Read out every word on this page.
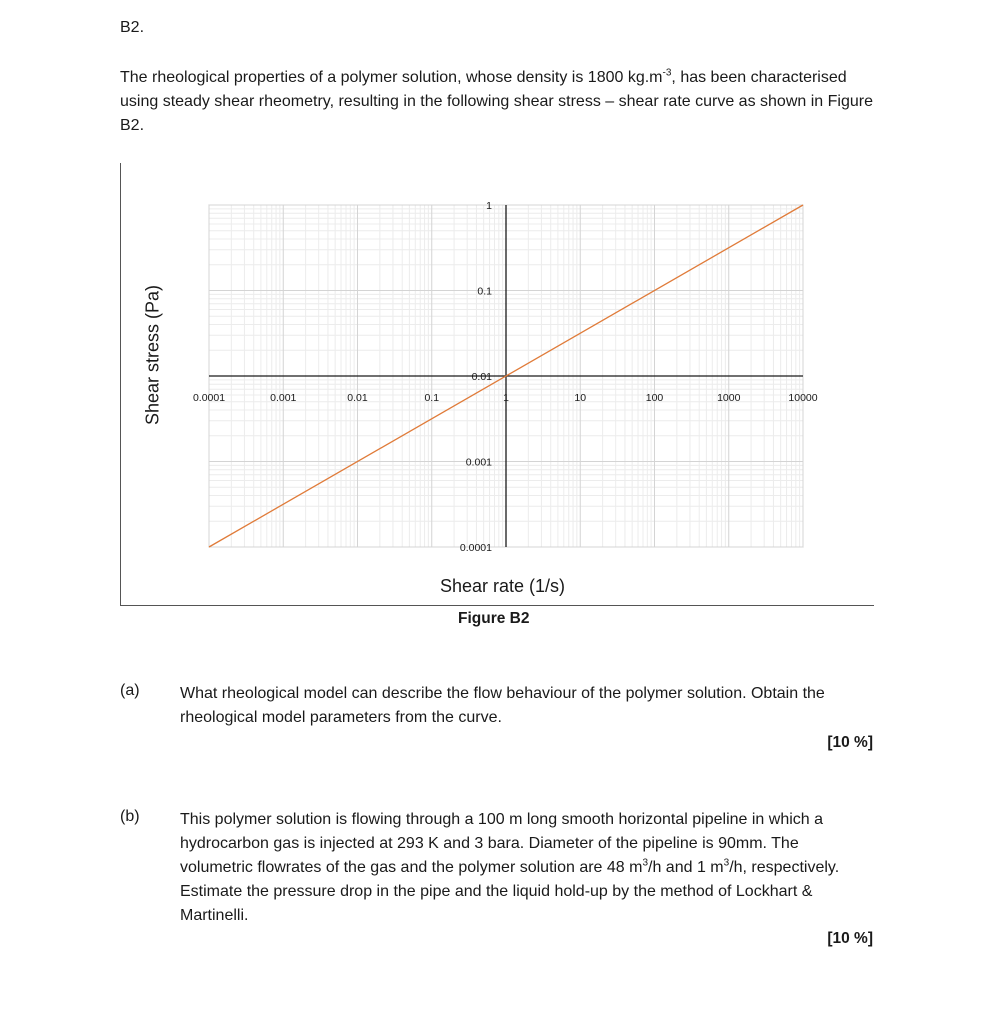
B2.
The rheological properties of a polymer solution, whose density is 1800 $kg.m^{-3}$, has been characterised using steady shear rheometry, resulting in the following shear stress – shear rate curve as shown in Figure B2.
0.0001	0.001	0.01	0.1	1	10	100	1000	10000
0.0001
0.001
0.01
0.1
1
Shear stress (Pa)
Shear rate (1/s)
Figure B2
(a)	What rheological model can describe the flow behaviour of the polymer solution. Obtain the rheological model parameters from the curve.
[10 %]
(b)	This polymer solution is flowing through a 100 m long smooth horizontal pipeline in which a hydrocarbon gas is injected at 293 K and 3 bara. Diameter of the pipeline is 90mm. The volumetric flowrates of the gas and the polymer solution are 48 $m^3/h$ and 1 $m^3/h$, respectively. Estimate the pressure drop in the pipe and the liquid hold-up by the method of Lockhart & Martinelli.
[10 %]
